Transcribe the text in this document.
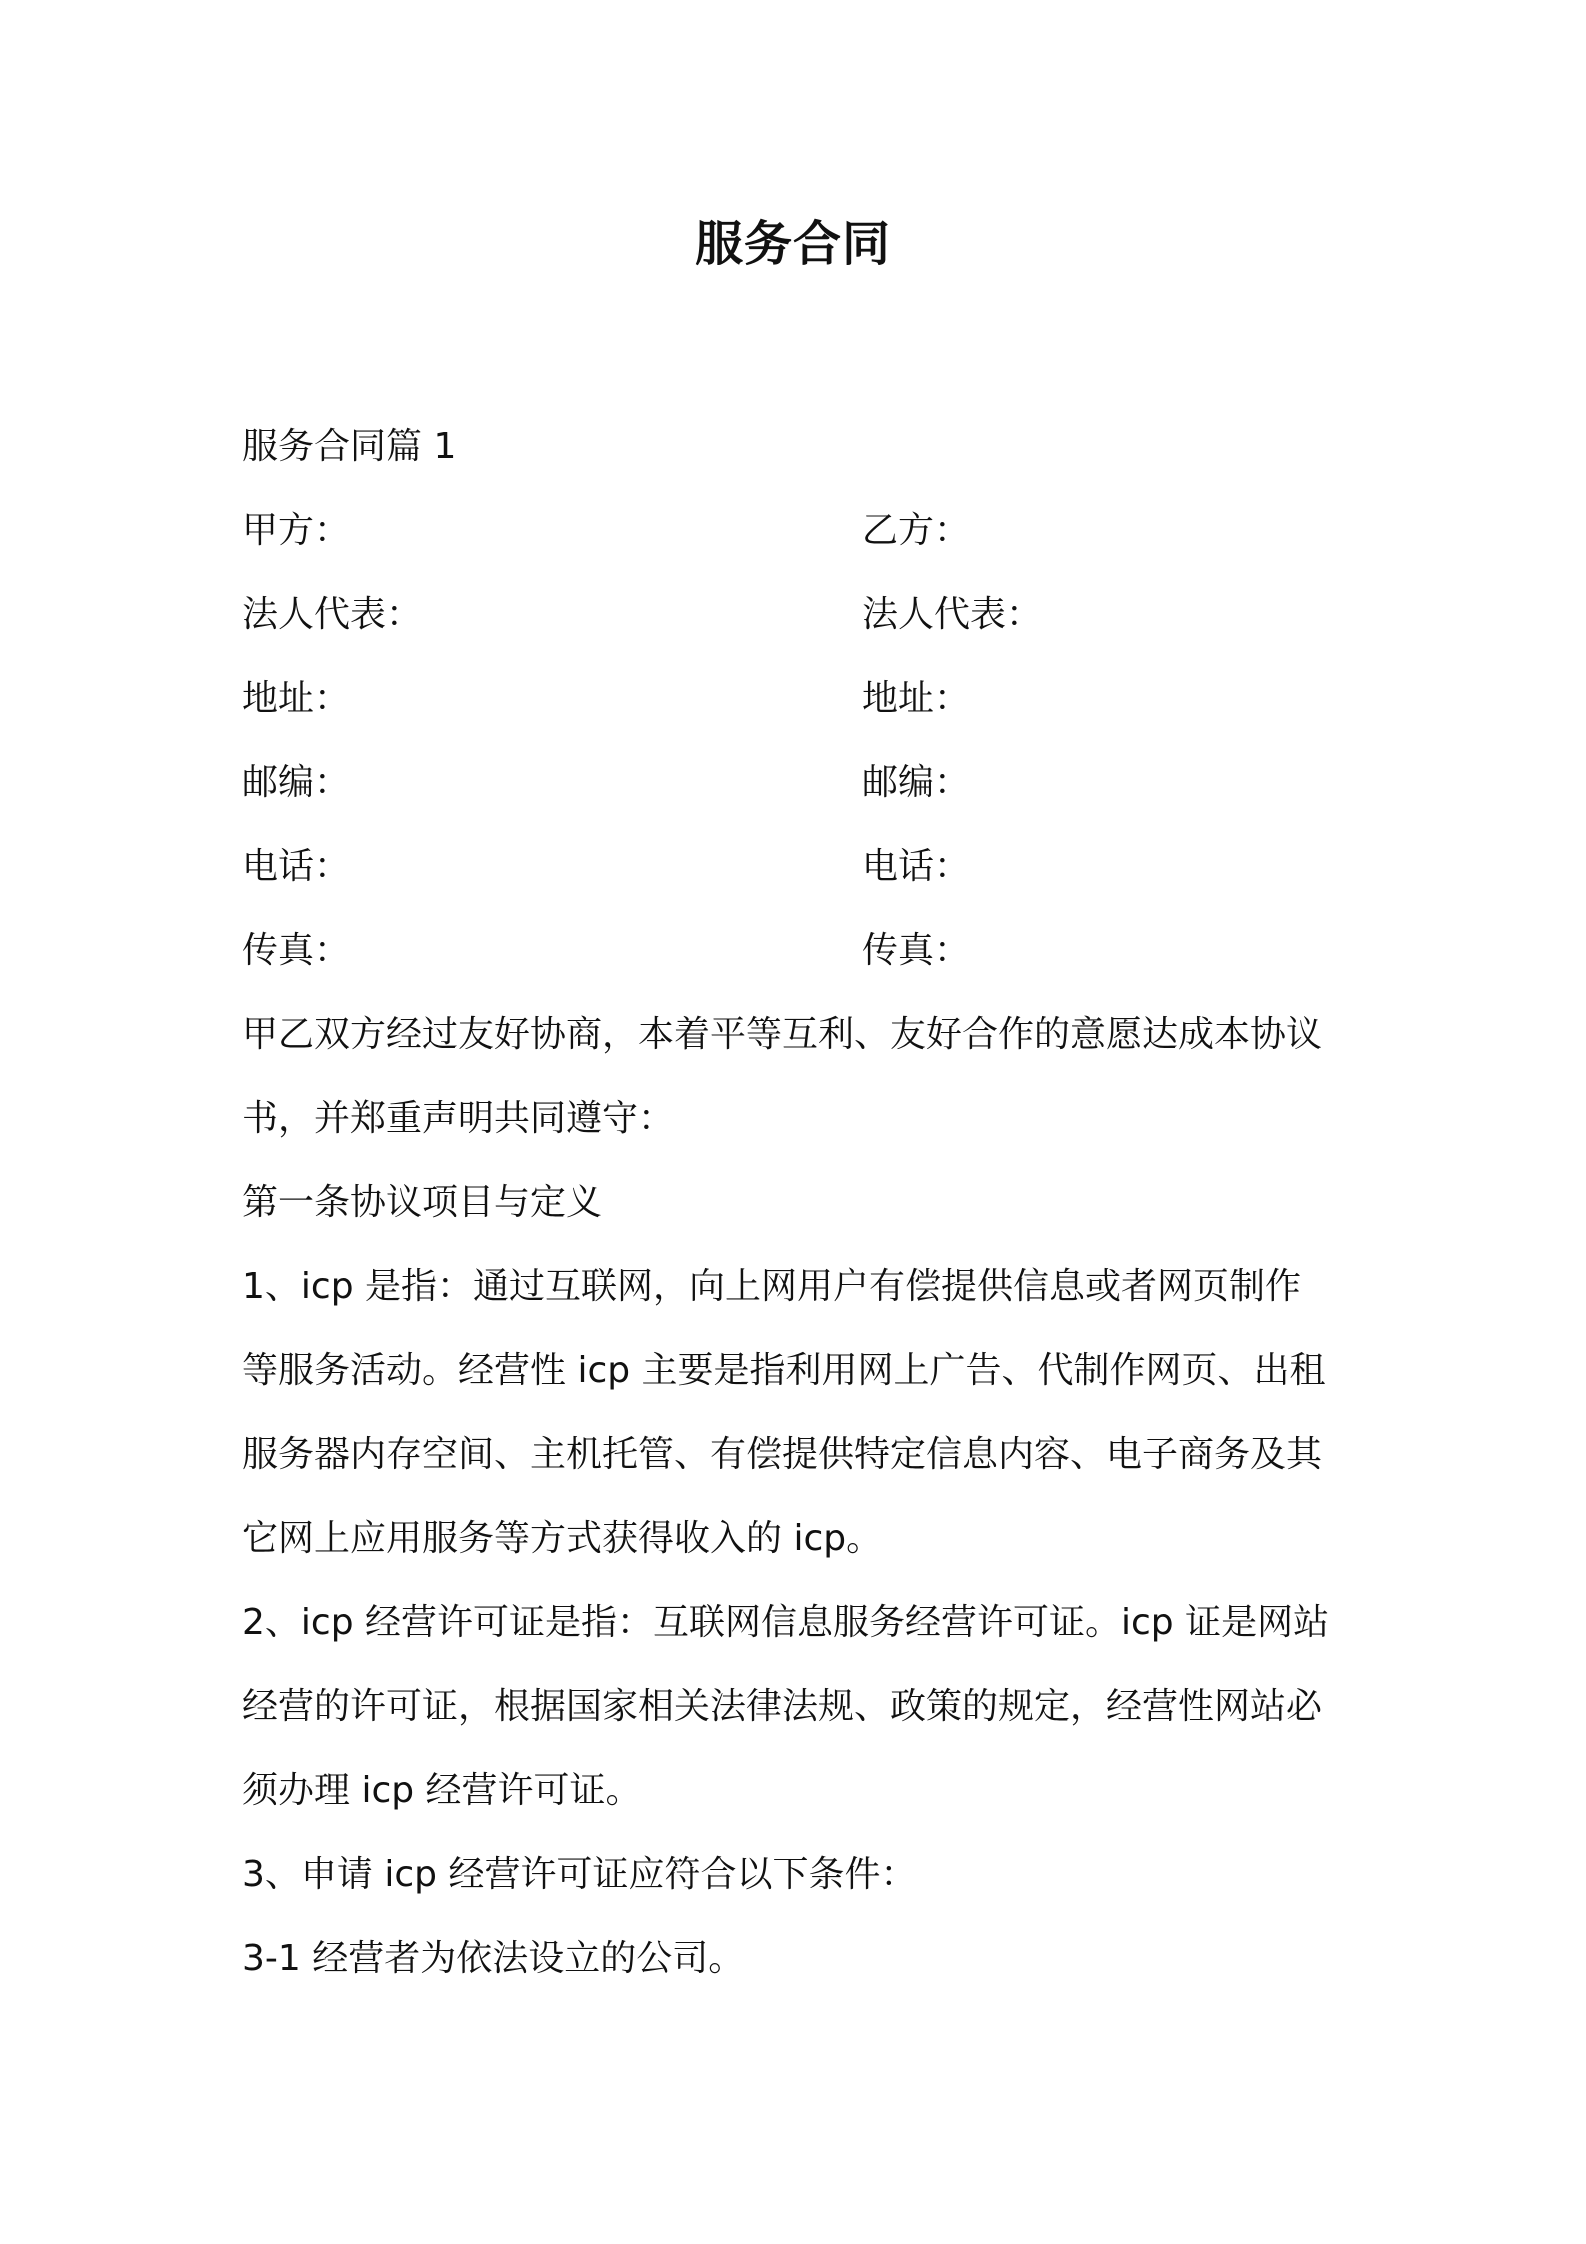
服务合同
服务合同篇 1
甲方：	乙方：
法人代表：	法人代表：
地址：	地址：
邮编：	邮编：
电话：	电话：
传真：	传真：
甲乙双方经过友好协商，本着平等互利、友好合作的意愿达成本协议
书，并郑重声明共同遵守：
第一条协议项目与定义
1、icp 是指：通过互联网，向上网用户有偿提供信息或者网页制作
等服务活动。经营性 icp 主要是指利用网上广告、代制作网页、出租
服务器内存空间、主机托管、有偿提供特定信息内容、电子商务及其
它网上应用服务等方式获得收入的 icp。
2、icp 经营许可证是指：互联网信息服务经营许可证。icp 证是网站
经营的许可证，根据国家相关法律法规、政策的规定，经营性网站必
须办理 icp 经营许可证。
3、申请 icp 经营许可证应符合以下条件：
3-1 经营者为依法设立的公司。
